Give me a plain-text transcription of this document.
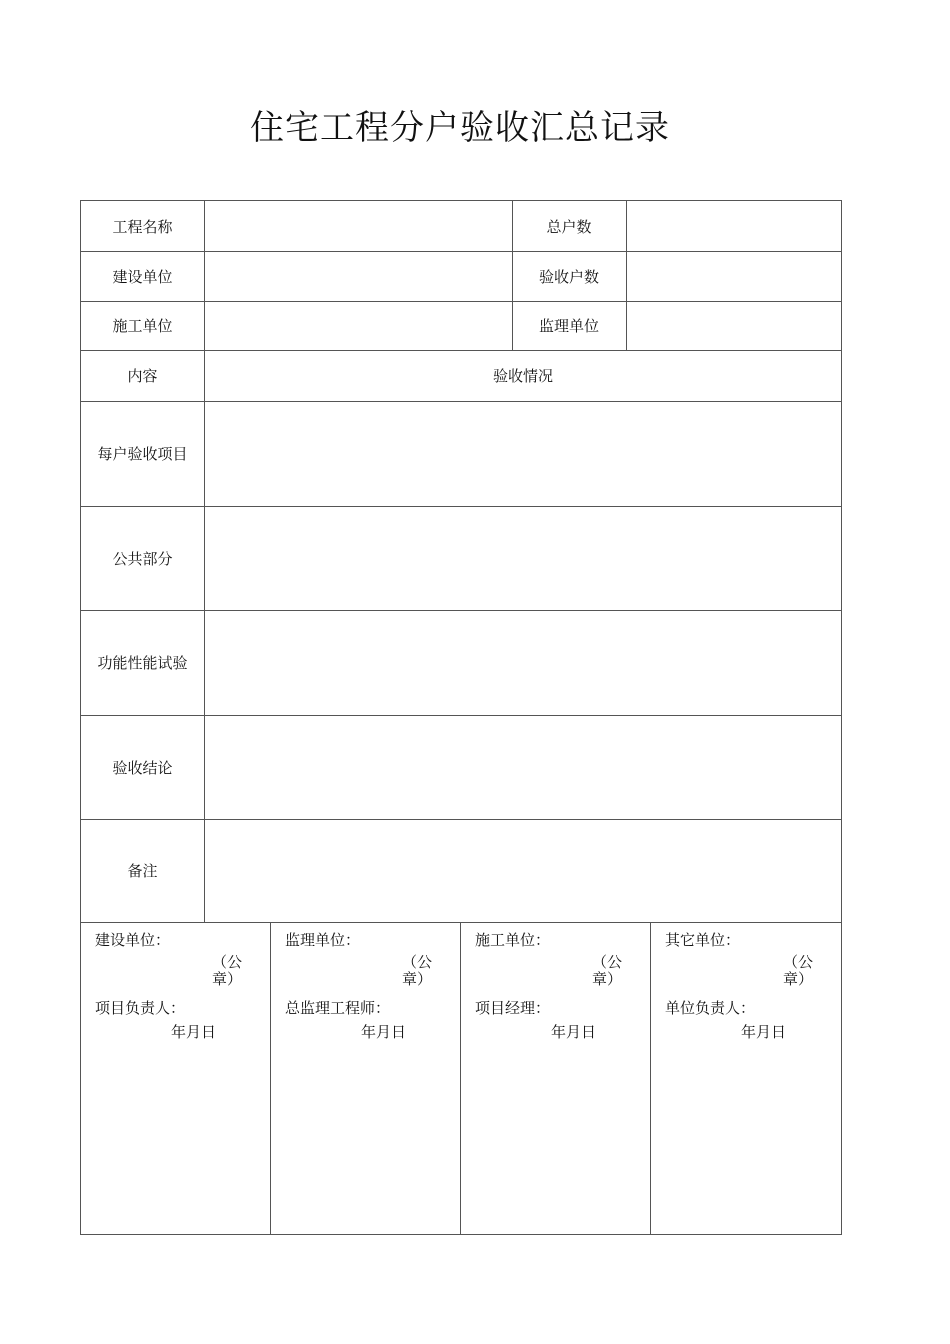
住宅工程分户验收汇总记录
工程名称	总户数
建设单位	验收户数
施工单位	监理单位
内容	验收情况
每户验收项目
公共部分
功能性能试验
验收结论
备注
建设单位：
（公
章）
项目负责人：
年月日
监理单位：
（公
章）
总监理工程师：
年月日
施工单位：
（公
章）
项目经理：
年月日
其它单位：
（公
章）
单位负责人：
年月日
